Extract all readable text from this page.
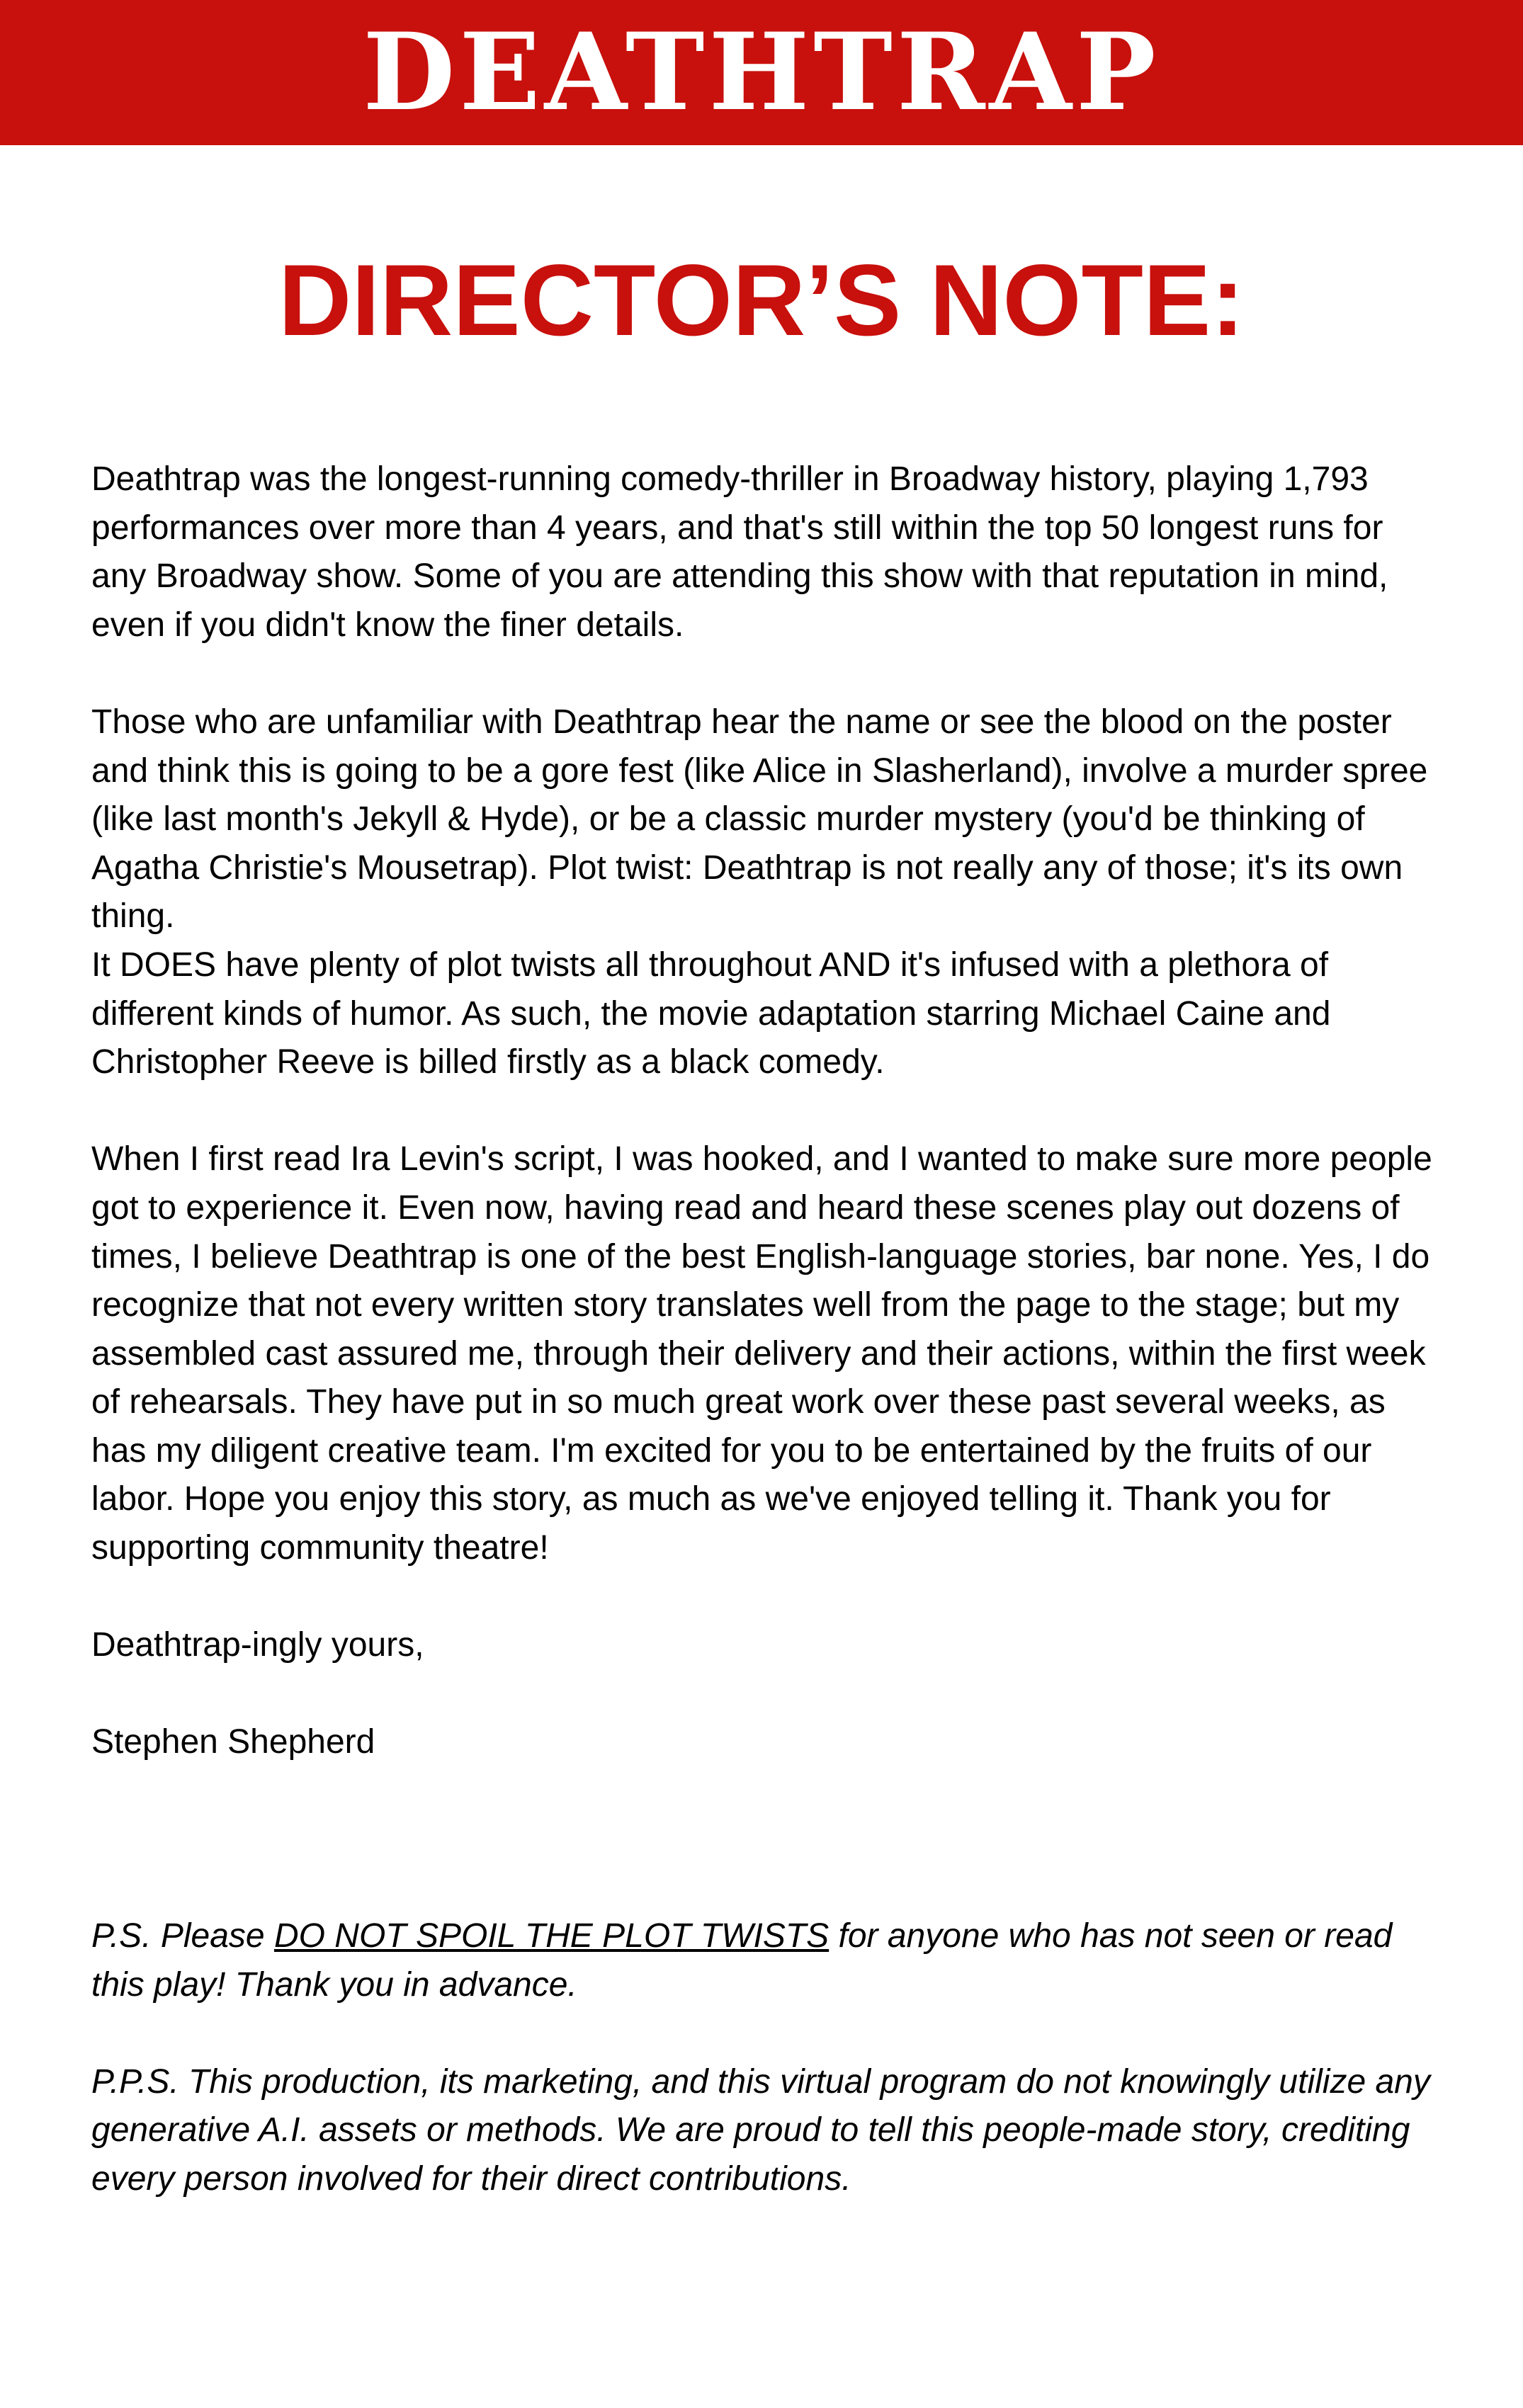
DEATHTRAP
DIRECTOR’S NOTE:

Deathtrap was the longest-running comedy-thriller in Broadway history, playing 1,793 performances over more than 4 years, and that's still within the top 50 longest runs for any Broadway show. Some of you are attending this show with that reputation in mind, even if you didn't know the finer details.

Those who are unfamiliar with Deathtrap hear the name or see the blood on the poster and think this is going to be a gore fest (like Alice in Slasherland), involve a murder spree (like last month's Jekyll & Hyde), or be a classic murder mystery (you'd be thinking of Agatha Christie's Mousetrap). Plot twist: Deathtrap is not really any of those; it's its own thing.

It DOES have plenty of plot twists all throughout AND it's infused with a plethora of different kinds of humor. As such, the movie adaptation starring Michael Caine and Christopher Reeve is billed firstly as a black comedy.

When I first read Ira Levin's script, I was hooked, and I wanted to make sure more people got to experience it. Even now, having read and heard these scenes play out dozens of times, I believe Deathtrap is one of the best English-language stories, bar none. Yes, I do recognize that not every written story translates well from the page to the stage; but my assembled cast assured me, through their delivery and their actions, within the first week of rehearsals. They have put in so much great work over these past several weeks, as has my diligent creative team. I'm excited for you to be entertained by the fruits of our labor. Hope you enjoy this story, as much as we've enjoyed telling it. Thank you for supporting community theatre!

Deathtrap-ingly yours,

Stephen Shepherd

P.S. Please DO NOT SPOIL THE PLOT TWISTS for anyone who has not seen or read this play! Thank you in advance.

P.P.S. This production, its marketing, and this virtual program do not knowingly utilize any generative A.I. assets or methods. We are proud to tell this people-made story, crediting every person involved for their direct contributions.
